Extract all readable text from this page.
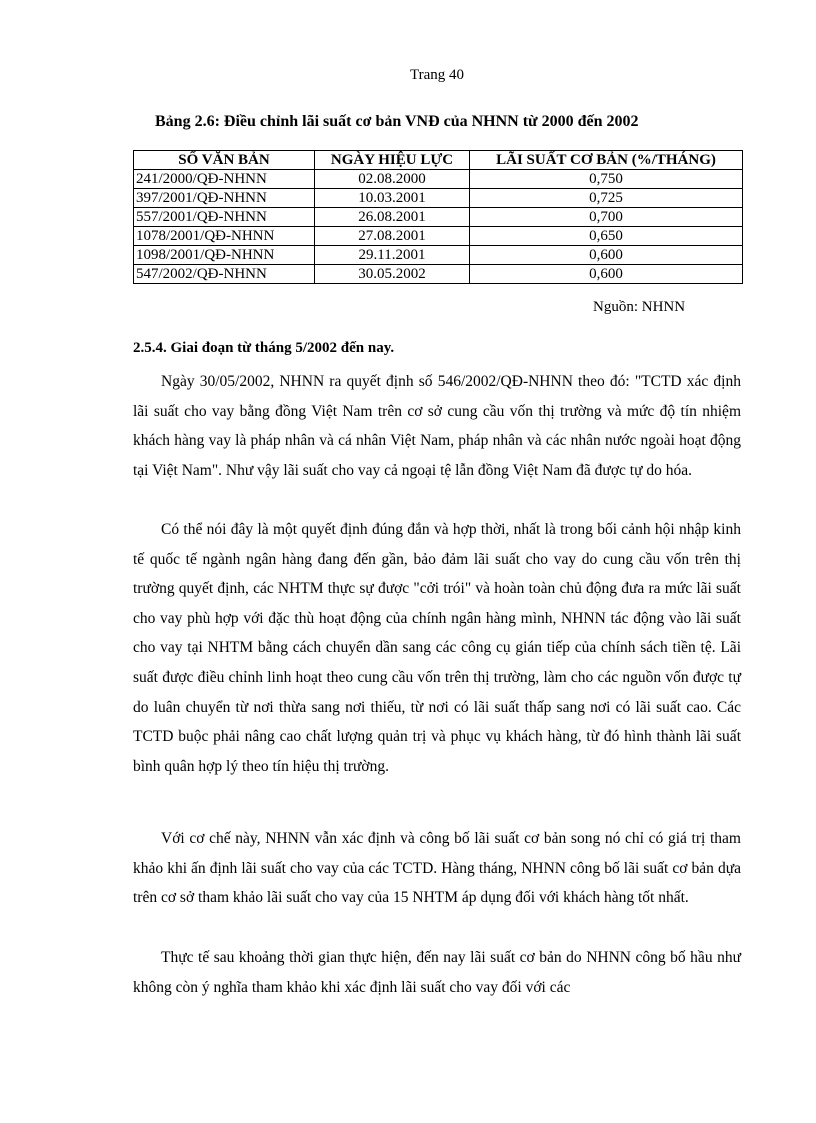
Trang 40
Bảng 2.6: Điều chỉnh lãi suất cơ bản VNĐ của NHNN từ 2000 đến 2002
SỐ VĂN BẢN	NGÀY HIỆU LỰC	LÃI SUẤT CƠ BẢN (%/THÁNG)
241/2000/QĐ-NHNN	02.08.2000	0,750
397/2001/QĐ-NHNN	10.03.2001	0,725
557/2001/QĐ-NHNN	26.08.2001	0,700
1078/2001/QĐ-NHNN	27.08.2001	0,650
1098/2001/QĐ-NHNN	29.11.2001	0,600
547/2002/QĐ-NHNN	30.05.2002	0,600
Nguồn: NHNN
2.5.4. Giai đoạn từ tháng 5/2002 đến nay.

Ngày 30/05/2002, NHNN ra quyết định số 546/2002/QĐ-NHNN theo đó: "TCTD xác định lãi suất cho vay bằng đồng Việt Nam trên cơ sở cung cầu vốn thị trường và mức độ tín nhiệm khách hàng vay là pháp nhân và cá nhân Việt Nam, pháp nhân và các nhân nước ngoài hoạt động tại Việt Nam". Như vậy lãi suất cho vay cả ngoại tệ lẫn đồng Việt Nam đã được tự do hóa.

Có thể nói đây là một quyết định đúng đắn và hợp thời, nhất là trong bối cảnh hội nhập kinh tế quốc tế ngành ngân hàng đang đến gần, bảo đảm lãi suất cho vay do cung cầu vốn trên thị trường quyết định, các NHTM thực sự được "cởi trói" và hoàn toàn chủ động đưa ra mức lãi suất cho vay phù hợp với đặc thù hoạt động của chính ngân hàng mình, NHNN tác động vào lãi suất cho vay tại NHTM bằng cách chuyển dần sang các công cụ gián tiếp của chính sách tiền tệ. Lãi suất được điều chỉnh linh hoạt theo cung cầu vốn trên thị trường, làm cho các nguồn vốn được tự do luân chuyển từ nơi thừa sang nơi thiếu, từ nơi có lãi suất thấp sang nơi có lãi suất cao. Các TCTD buộc phải nâng cao chất lượng quản trị và phục vụ khách hàng, từ đó hình thành lãi suất bình quân hợp lý theo tín hiệu thị trường.

Với cơ chế này, NHNN vẫn xác định và công bố lãi suất cơ bản song nó chỉ có giá trị tham khảo khi ấn định lãi suất cho vay của các TCTD. Hàng tháng, NHNN công bố lãi suất cơ bản dựa trên cơ sở tham khảo lãi suất cho vay của 15 NHTM áp dụng đối với khách hàng tốt nhất.

Thực tế sau khoảng thời gian thực hiện, đến nay lãi suất cơ bản do NHNN công bố hầu như không còn ý nghĩa tham khảo khi xác định lãi suất cho vay đối với các
